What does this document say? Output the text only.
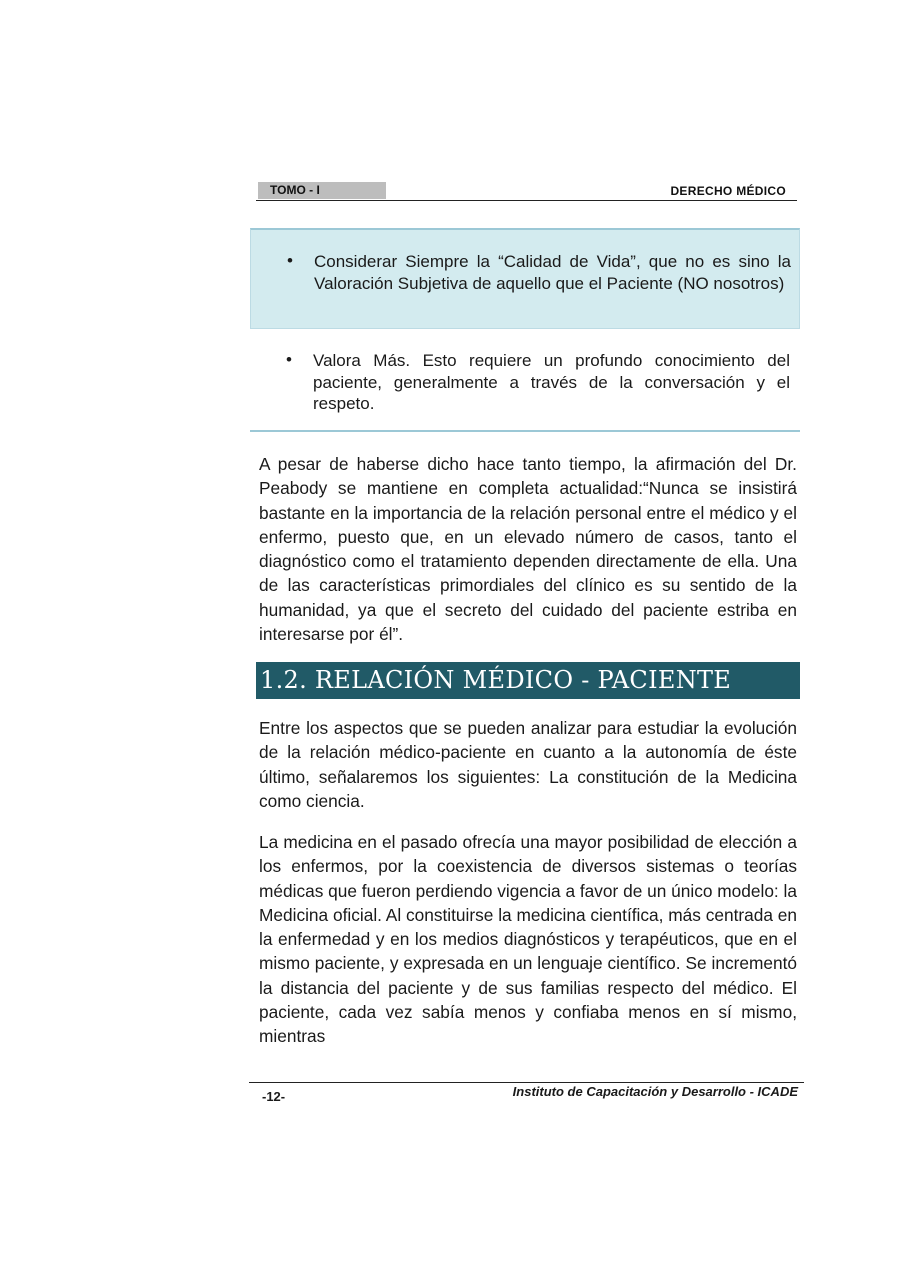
TOMO - I	DERECHO MÉDICO
• Considerar Siempre la “Calidad de Vida”, que no es sino la Valoración Subjetiva de aquello que el Paciente (NO nosotros)
• Valora Más. Esto requiere un profundo conocimiento del paciente, generalmente a través de la conversación y el respeto.

A pesar de haberse dicho hace tanto tiempo, la afirmación del Dr. Peabody se mantiene en completa actualidad:“Nunca se insistirá bastante en la importancia de la relación personal entre el médico y el enfermo, puesto que, en un elevado número de casos, tanto el diagnóstico como el tratamiento dependen directamente de ella. Una de las características primordiales del clínico es su sentido de la humanidad, ya que el secreto del cuidado del paciente estriba en interesarse por él”.

1.2. RELACIÓN MÉDICO - PACIENTE

Entre los aspectos que se pueden analizar para estudiar la evolución de la relación médico-paciente en cuanto a la autonomía de éste último, señalaremos los siguientes: La constitución de la Medicina como ciencia.

La medicina en el pasado ofrecía una mayor posibilidad de elección a los enfermos, por la coexistencia de diversos sistemas o teorías médicas que fueron perdiendo vigencia a favor de un único modelo: la Medicina oficial. Al constituirse la medicina científica, más centrada en la enfermedad y en los medios diagnósticos y terapéuticos, que en el mismo paciente, y expresada en un lenguaje científico. Se incrementó la distancia del paciente y de sus familias respecto del médico. El paciente, cada vez sabía menos y confiaba menos en sí mismo, mientras

-12-	Instituto de Capacitación y Desarrollo - ICADE
